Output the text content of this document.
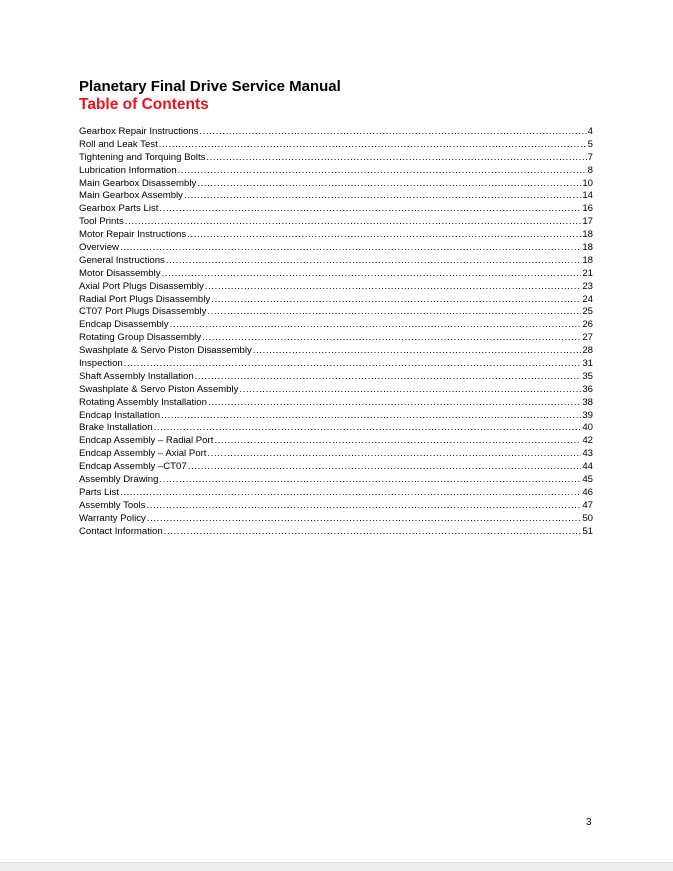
Planetary Final Drive Service Manual
Table of Contents
Gearbox Repair Instructions .....	4
Roll and Leak Test .....	5
Tightening and Torquing Bolts .....	7
Lubrication Information .....	8
Main Gearbox Disassembly .....	10
Main Gearbox Assembly .....	14
Gearbox Parts List .....	16
Tool Prints .....	17
Motor Repair Instructions .....	18
Overview .....	18
General Instructions .....	18
Motor Disassembly .....	21
Axial Port Plugs Disassembly .....	23
Radial Port Plugs Disassembly .....	24
CT07 Port Plugs Disassembly .....	25
Endcap Disassembly .....	26
Rotating Group Disassembly .....	27
Swashplate & Servo Piston Disassembly .....	28
Inspection .....	31
Shaft Assembly Installation .....	35
Swashplate & Servo Piston Assembly .....	36
Rotating Assembly Installation .....	38
Endcap Installation .....	39
Brake Installation .....	40
Endcap Assembly – Radial Port .....	42
Endcap Assembly – Axial Port .....	43
Endcap Assembly –CT07 .....	44
Assembly Drawing .....	45
Parts List .....	46
Assembly Tools .....	47
Warranty Policy .....	50
Contact Information .....	51
3
